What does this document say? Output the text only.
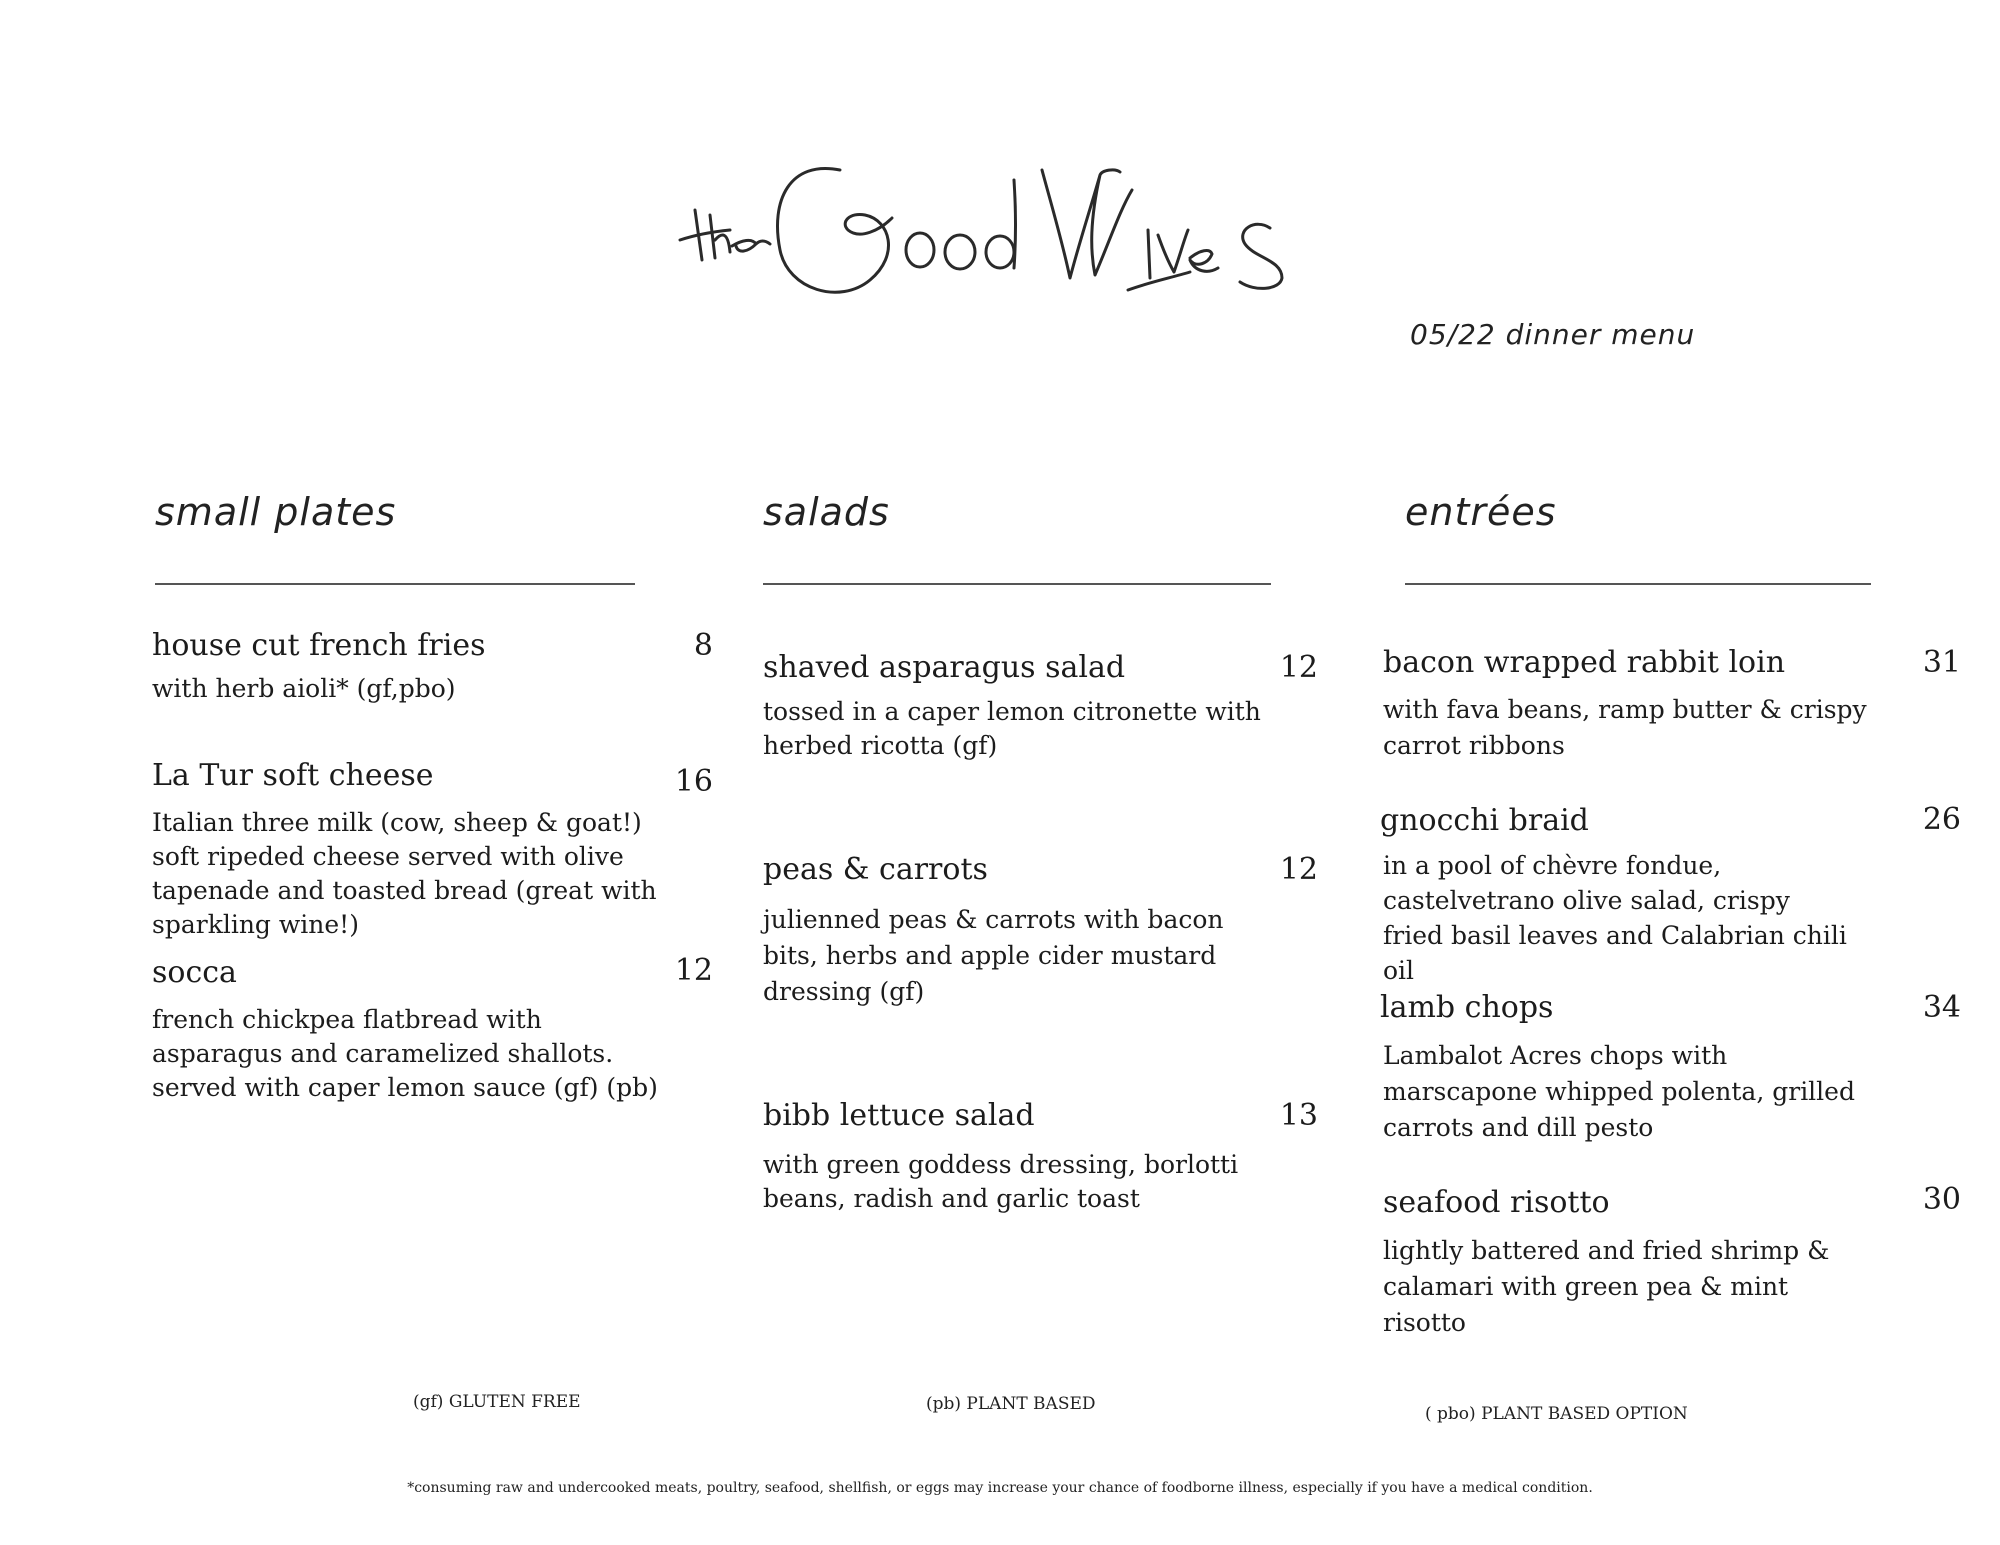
05/22 dinner menu
small plates
house cut french fries	8
with herb aioli* (gf,pbo)
La Tur soft cheese	16
Italian three milk (cow, sheep & goat!) soft ripeded cheese served with olive tapenade and toasted bread (great with sparkling wine!)
socca	12
french chickpea flatbread with asparagus and caramelized shallots. served with caper lemon sauce (gf) (pb)
salads
shaved asparagus salad	12
tossed in a caper lemon citronette with herbed ricotta (gf)
peas & carrots	12
julienned peas & carrots with bacon bits, herbs and apple cider mustard dressing (gf)
bibb lettuce salad	13
with green goddess dressing, borlotti beans, radish and garlic toast
entrées
bacon wrapped rabbit loin	31
with fava beans, ramp butter & crispy carrot ribbons
gnocchi braid	26
in a pool of chèvre fondue, castelvetrano olive salad, crispy fried basil leaves and Calabrian chili oil
lamb chops	34
Lambalot Acres chops with marscapone whipped polenta, grilled carrots and dill pesto
seafood risotto	30
lightly battered and fried shrimp & calamari with green pea & mint risotto
(gf) GLUTEN FREE	(pb) PLANT BASED	( pbo) PLANT BASED OPTION
*consuming raw and undercooked meats, poultry, seafood, shellfish, or eggs may increase your chance of foodborne illness, especially if you have a medical condition.
